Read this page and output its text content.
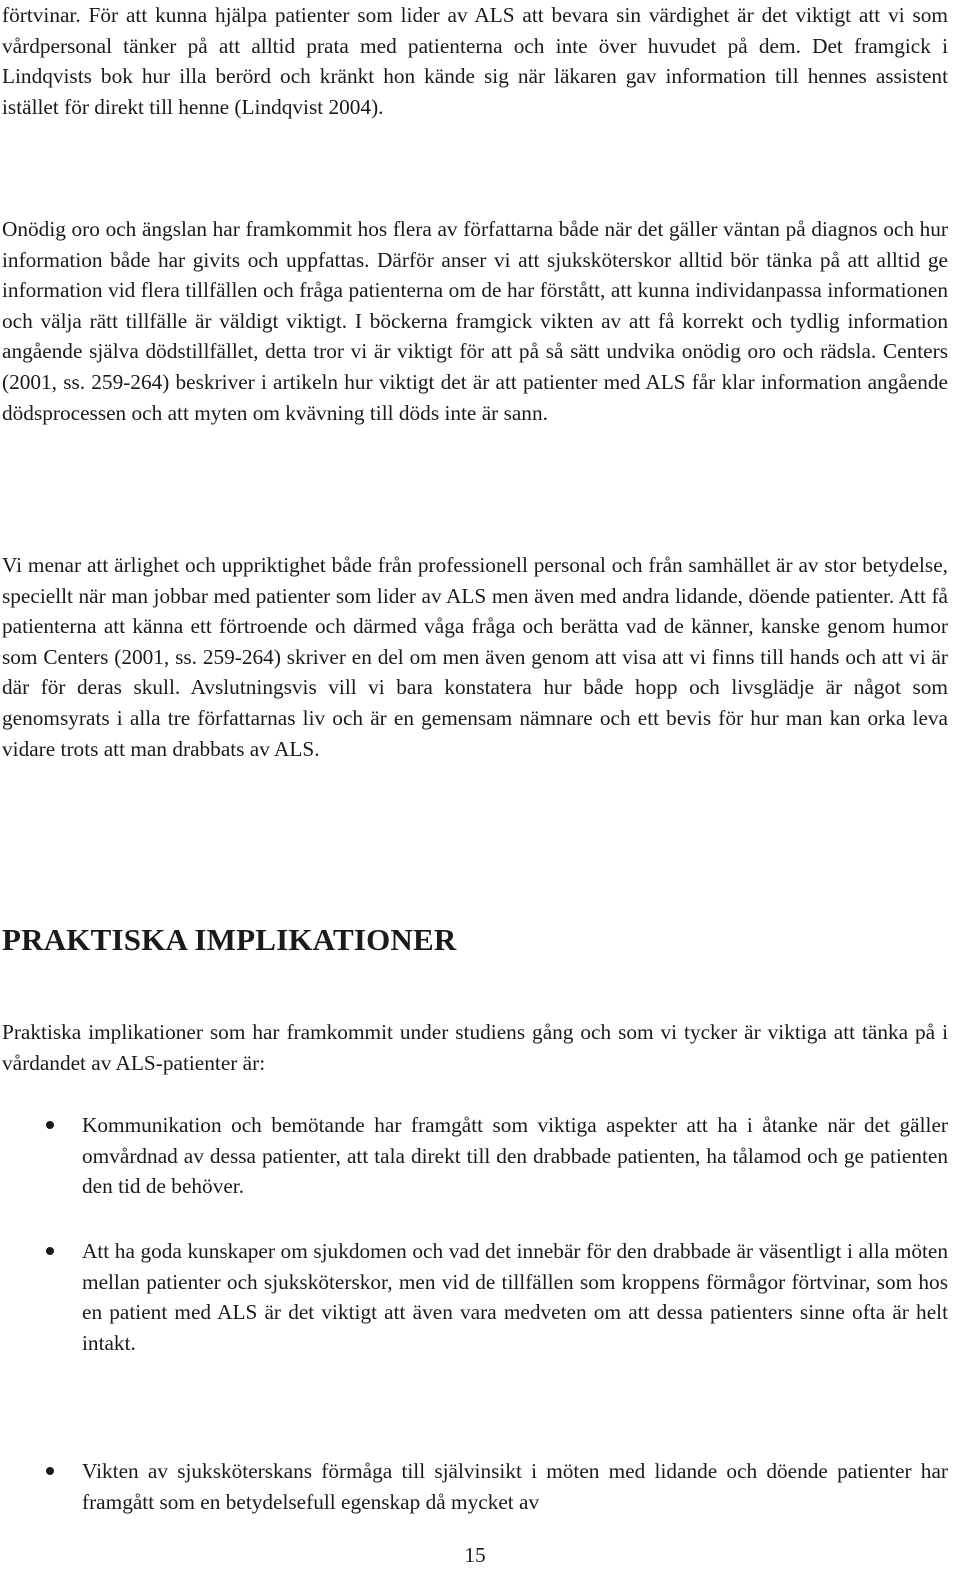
förtvinar. För att kunna hjälpa patienter som lider av ALS att bevara sin värdighet är det viktigt att vi som vårdpersonal tänker på att alltid prata med patienterna och inte över huvudet på dem. Det framgick i Lindqvists bok hur illa berörd och kränkt hon kände sig när läkaren gav information till hennes assistent istället för direkt till henne (Lindqvist 2004).

Onödig oro och ängslan har framkommit hos flera av författarna både när det gäller väntan på diagnos och hur information både har givits och uppfattas. Därför anser vi att sjuksköterskor alltid bör tänka på att alltid ge information vid flera tillfällen och fråga patienterna om de har förstått, att kunna individanpassa informationen och välja rätt tillfälle är väldigt viktigt. I böckerna framgick vikten av att få korrekt och tydlig information angående själva dödstillfället, detta tror vi är viktigt för att på så sätt undvika onödig oro och rädsla. Centers (2001, ss. 259-264) beskriver i artikeln hur viktigt det är att patienter med ALS får klar information angående dödsprocessen och att myten om kvävning till döds inte är sann.

Vi menar att ärlighet och uppriktighet både från professionell personal och från samhället är av stor betydelse, speciellt när man jobbar med patienter som lider av ALS men även med andra lidande, döende patienter. Att få patienterna att känna ett förtroende och därmed våga fråga och berätta vad de känner, kanske genom humor som Centers (2001, ss. 259-264) skriver en del om men även genom att visa att vi finns till hands och att vi är där för deras skull. Avslutningsvis vill vi bara konstatera hur både hopp och livsglädje är något som genomsyrats i alla tre författarnas liv och är en gemensam nämnare och ett bevis för hur man kan orka leva vidare trots att man drabbats av ALS.

PRAKTISKA IMPLIKATIONER

Praktiska implikationer som har framkommit under studiens gång och som vi tycker är viktiga att tänka på i vårdandet av ALS-patienter är:

Kommunikation och bemötande har framgått som viktiga aspekter att ha i åtanke när det gäller omvårdnad av dessa patienter, att tala direkt till den drabbade patienten, ha tålamod och ge patienten den tid de behöver.

Att ha goda kunskaper om sjukdomen och vad det innebär för den drabbade är väsentligt i alla möten mellan patienter och sjuksköterskor, men vid de tillfällen som kroppens förmågor förtvinar, som hos en patient med ALS är det viktigt att även vara medveten om att dessa patienters sinne ofta är helt intakt.

Vikten av sjuksköterskans förmåga till självinsikt i möten med lidande och döende patienter har framgått som en betydelsefull egenskap då mycket av

15
